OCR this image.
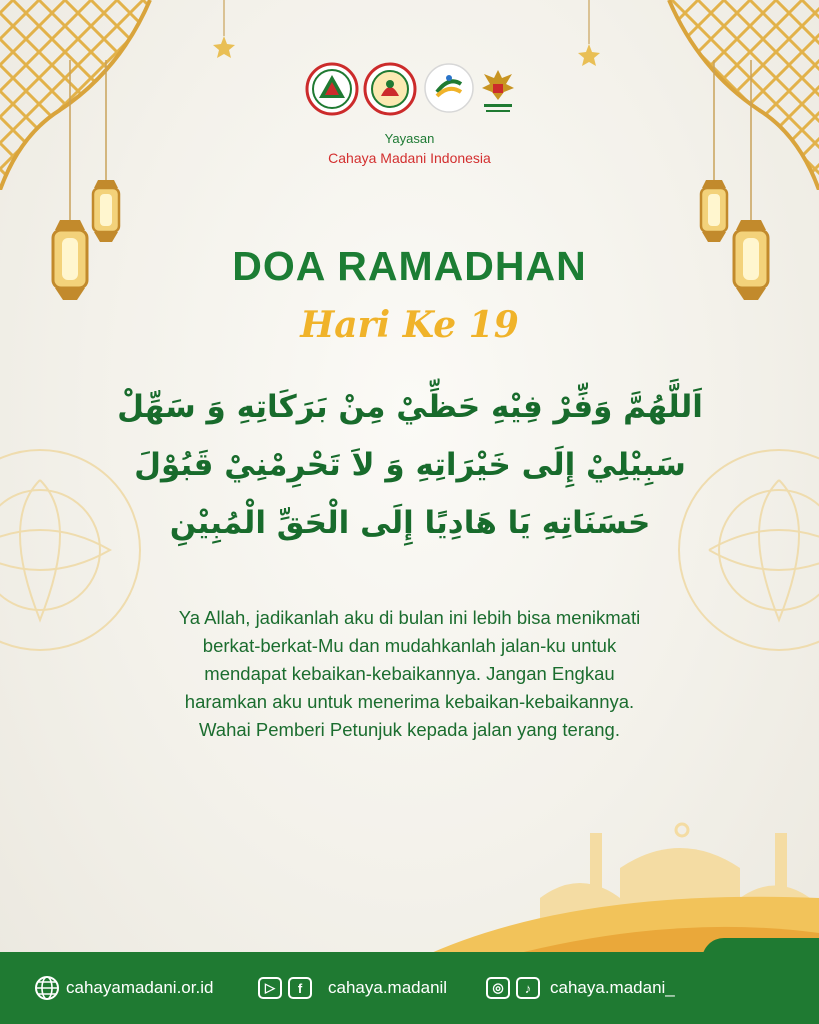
Yayasan
Cahaya Madani Indonesia
DOA RAMADHAN
Hari Ke 19
اَللَّهُمَّ وَفِّرْ فِيْهِ حَظِّيْ مِنْ بَرَكَاتِهِ وَ سَهِّلْ
سَبِيْلِيْ إِلَى خَيْرَاتِهِ وَ لاَ تَحْرِمْنِيْ قَبُوْلَ
حَسَنَاتِهِ يَا هَادِيًا إِلَى الْحَقِّ الْمُبِيْنِ
Ya Allah, jadikanlah aku di bulan ini lebih bisa menikmati
berkat-berkat-Mu dan mudahkanlah jalan-ku untuk
mendapat kebaikan-kebaikannya. Jangan Engkau
haramkan aku untuk menerima kebaikan-kebaikannya.
Wahai Pemberi Petunjuk kepada jalan yang terang.
cahayamadani.or.id	▷	f	cahaya.madanil	◎	♪	cahaya.madani_
